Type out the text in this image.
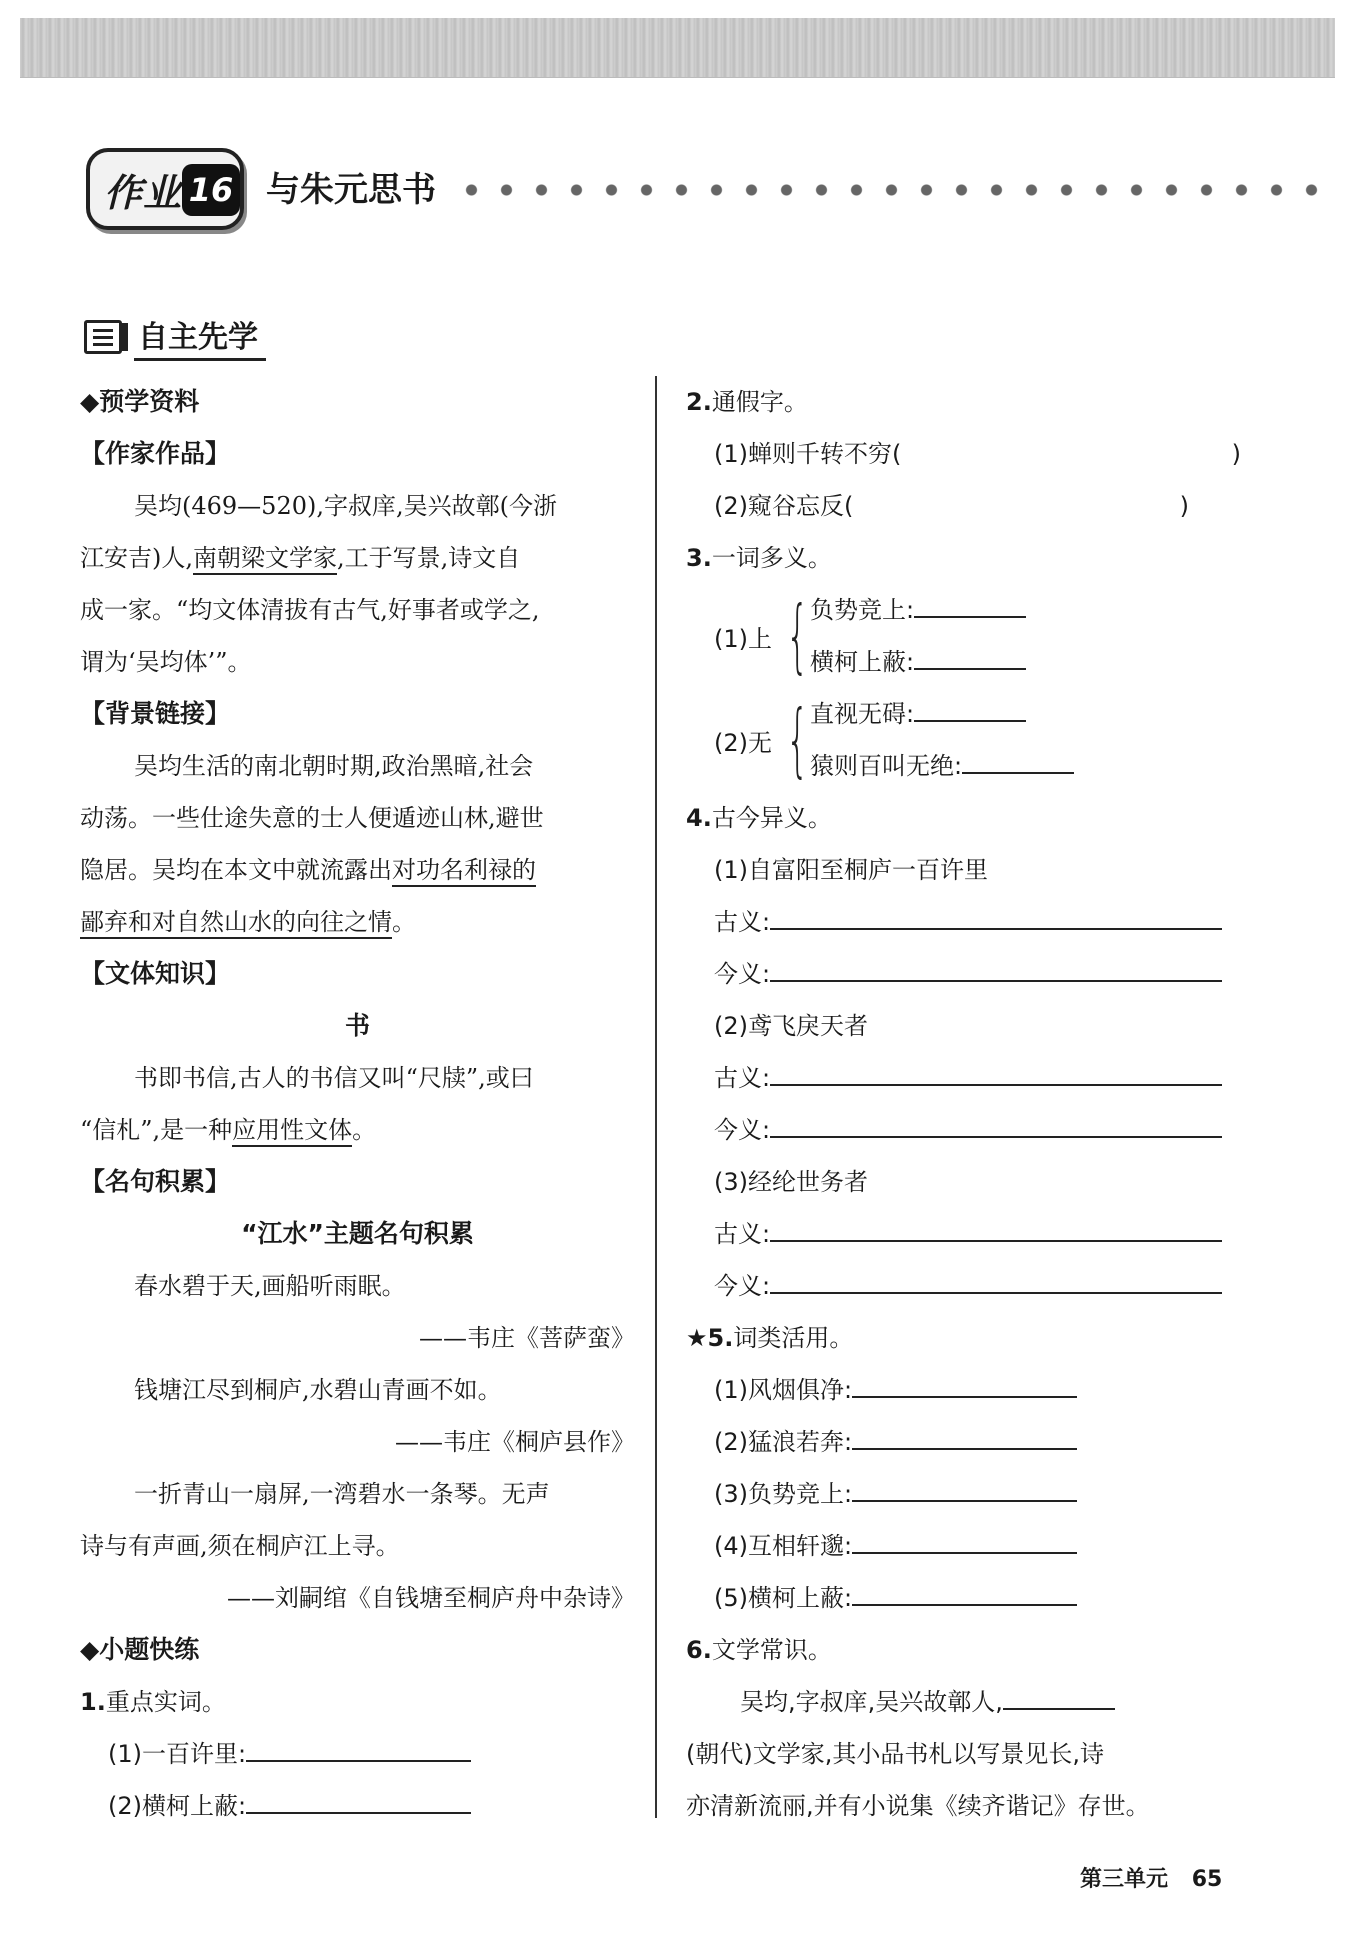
作业 16 与朱元思书
自主先学
◆预学资料
【作家作品】
吴均(469—520),字叔庠,吴兴故鄣(今浙
江安吉)人,南朝梁文学家,工于写景,诗文自
成一家。“均文体清拔有古气,好事者或学之,
谓为‘吴均体’”。
【背景链接】
吴均生活的南北朝时期,政治黑暗,社会
动荡。一些仕途失意的士人便遁迹山林,避世
隐居。吴均在本文中就流露出对功名利禄的
鄙弃和对自然山水的向往之情。
【文体知识】
书
书即书信,古人的书信又叫“尺牍”,或曰
“信札”,是一种应用性文体。
【名句积累】
“江水”主题名句积累
春水碧于天,画船听雨眠。
——韦庄《菩萨蛮》
钱塘江尽到桐庐,水碧山青画不如。
——韦庄《桐庐县作》
一折青山一扇屏,一湾碧水一条琴。无声
诗与有声画,须在桐庐江上寻。
——刘嗣绾《自钱塘至桐庐舟中杂诗》
◆小题快练
1.重点实词。
(1)一百许里:
(2)横柯上蔽:
2.通假字。
(1)蝉则千转不穷(	)
(2)窥谷忘反(	)
3.一词多义。
(1)上 { 负势竞上:
横柯上蔽:
(2)无 { 直视无碍:
猿则百叫无绝:
4.古今异义。
(1)自富阳至桐庐一百许里
古义:
今义:
(2)鸢飞戾天者
古义:
今义:
(3)经纶世务者
古义:
今义:
★5.词类活用。
(1)风烟俱净:
(2)猛浪若奔:
(3)负势竞上:
(4)互相轩邈:
(5)横柯上蔽:
6.文学常识。
吴均,字叔庠,吴兴故鄣人,
(朝代)文学家,其小品书札以写景见长,诗
亦清新流丽,并有小说集《续齐谐记》存世。
第三单元 65
